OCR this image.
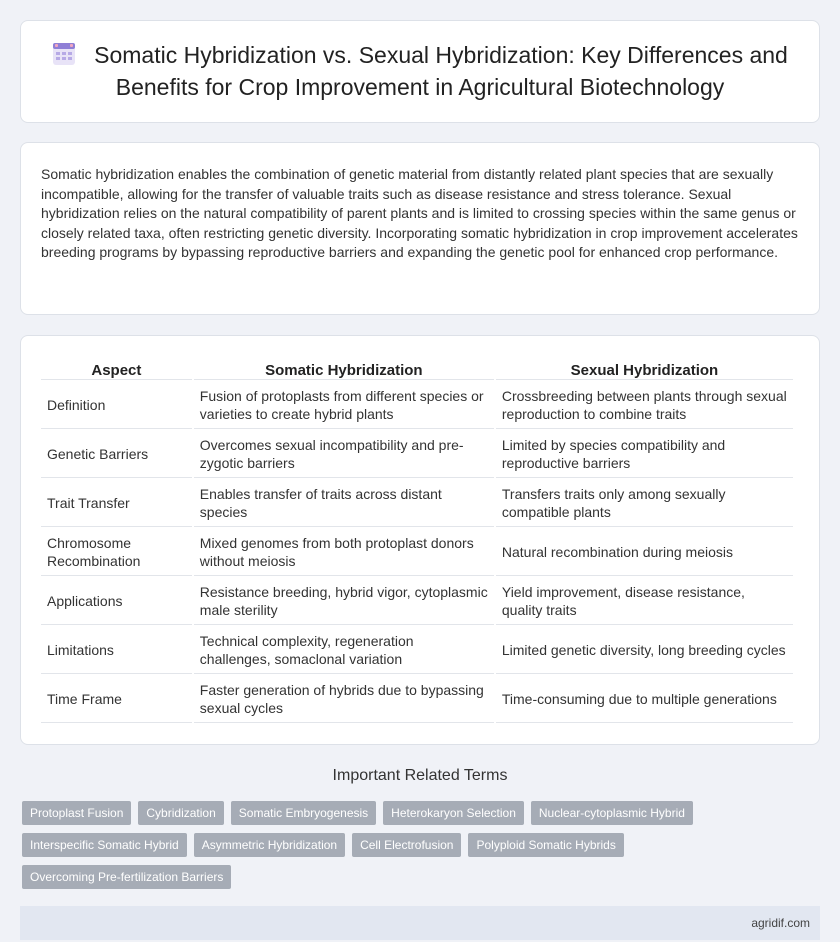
Somatic Hybridization vs. Sexual Hybridization: Key Differences and Benefits for Crop Improvement in Agricultural Biotechnology

Somatic hybridization enables the combination of genetic material from distantly related plant species that are sexually incompatible, allowing for the transfer of valuable traits such as disease resistance and stress tolerance. Sexual hybridization relies on the natural compatibility of parent plants and is limited to crossing species within the same genus or closely related taxa, often restricting genetic diversity. Incorporating somatic hybridization in crop improvement accelerates breeding programs by bypassing reproductive barriers and expanding the genetic pool for enhanced crop performance.

Aspect	Somatic Hybridization	Sexual Hybridization
Definition	Fusion of protoplasts from different species or varieties to create hybrid plants	Crossbreeding between plants through sexual reproduction to combine traits
Genetic Barriers	Overcomes sexual incompatibility and pre-zygotic barriers	Limited by species compatibility and reproductive barriers
Trait Transfer	Enables transfer of traits across distant species	Transfers traits only among sexually compatible plants
Chromosome Recombination	Mixed genomes from both protoplast donors without meiosis	Natural recombination during meiosis
Applications	Resistance breeding, hybrid vigor, cytoplasmic male sterility	Yield improvement, disease resistance, quality traits
Limitations	Technical complexity, regeneration challenges, somaclonal variation	Limited genetic diversity, long breeding cycles
Time Frame	Faster generation of hybrids due to bypassing sexual cycles	Time-consuming due to multiple generations
Important Related Terms
Protoplast Fusion	Cybridization	Somatic Embryogenesis	Heterokaryon Selection	Nuclear-cytoplasmic Hybrid
Interspecific Somatic Hybrid	Asymmetric Hybridization	Cell Electrofusion	Polyploid Somatic Hybrids
Overcoming Pre-fertilization Barriers
agridif.com
